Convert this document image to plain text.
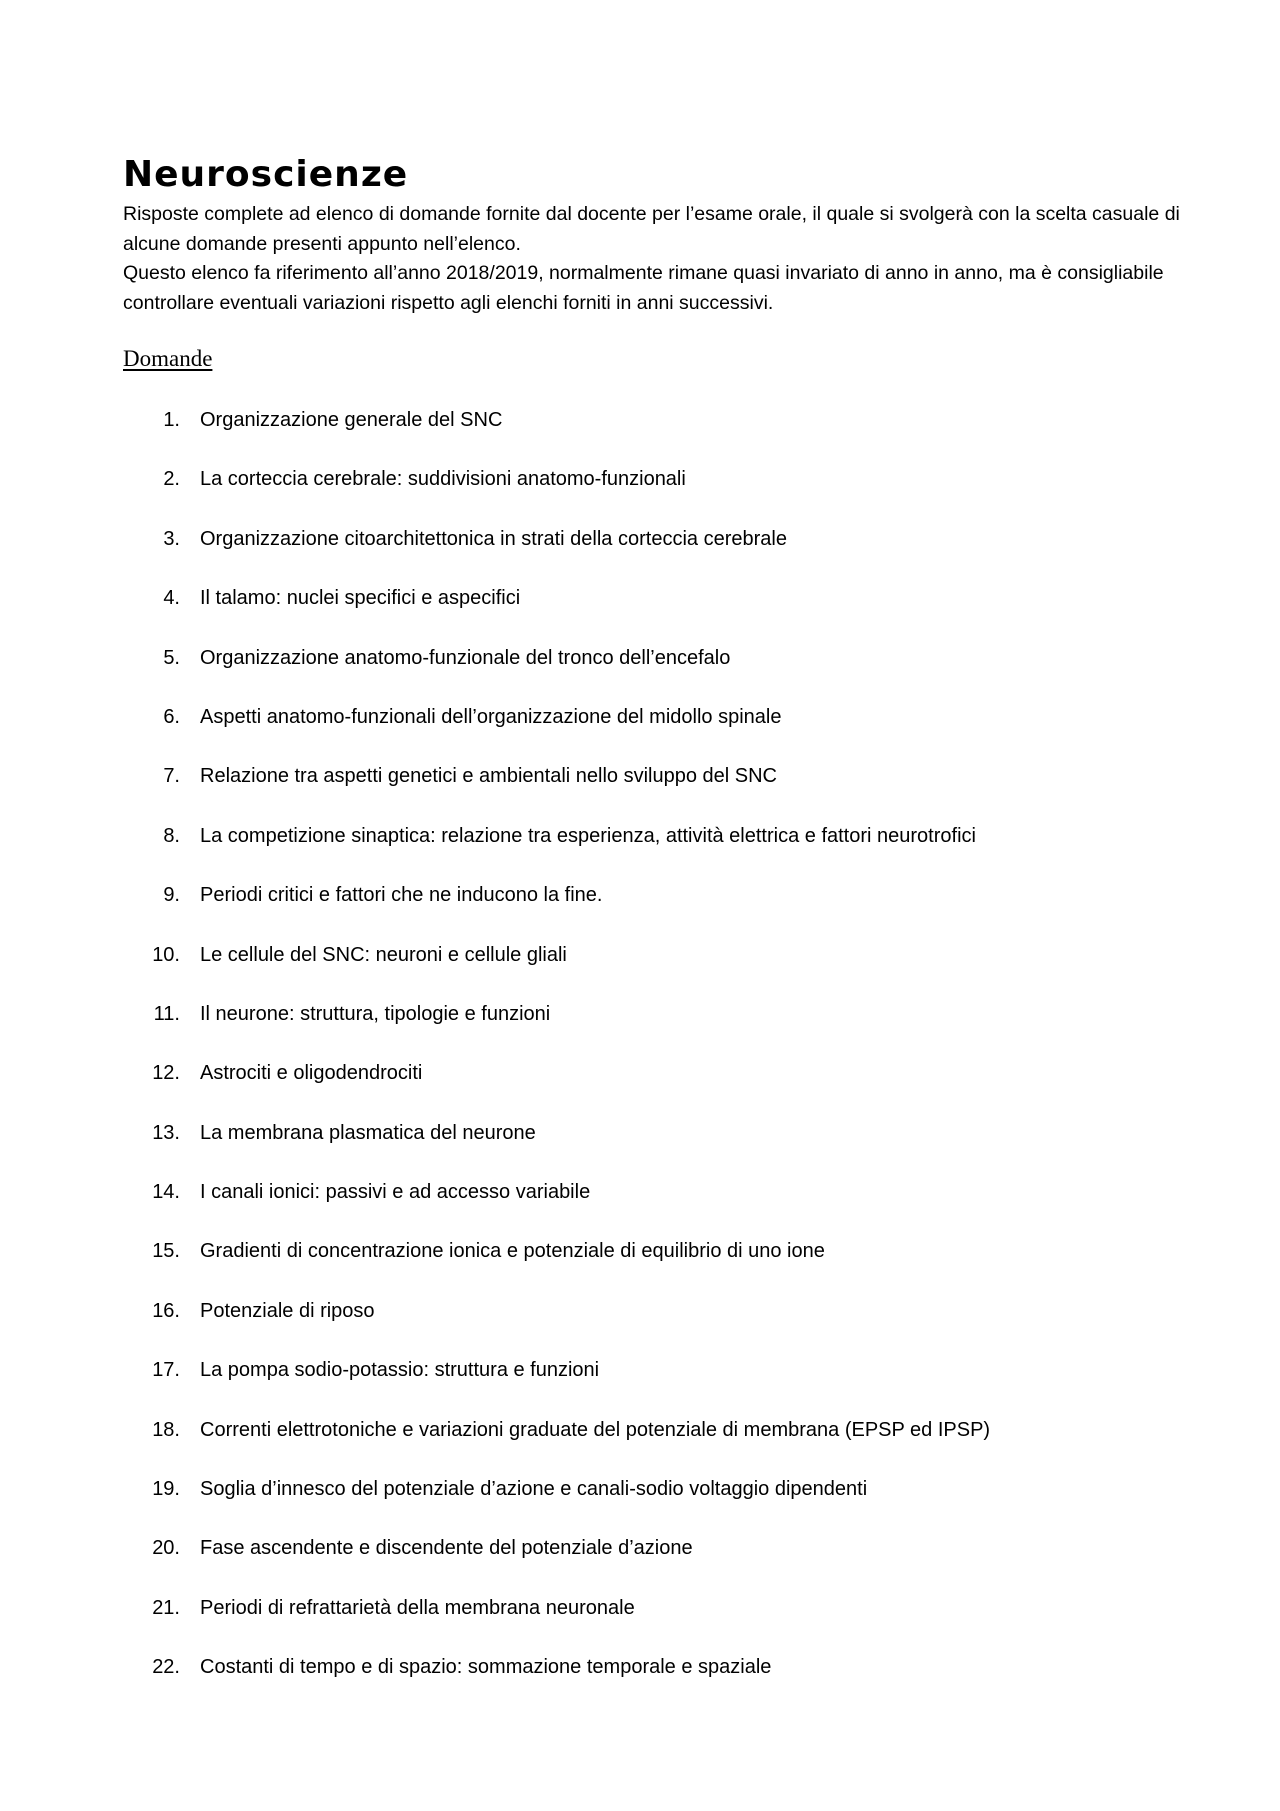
Neuroscienze

Risposte complete ad elenco di domande fornite dal docente per l’esame orale, il quale si svolgerà con la scelta casuale di alcune domande presenti appunto nell’elenco.

Questo elenco fa riferimento all’anno 2018/2019, normalmente rimane quasi invariato di anno in anno, ma è consigliabile controllare eventuali variazioni rispetto agli elenchi forniti in anni successivi.

Domande
1. Organizzazione generale del SNC
2. La corteccia cerebrale: suddivisioni anatomo-funzionali
3. Organizzazione citoarchitettonica in strati della corteccia cerebrale
4. Il talamo: nuclei specifici e aspecifici
5. Organizzazione anatomo-funzionale del tronco dell’encefalo
6. Aspetti anatomo-funzionali dell’organizzazione del midollo spinale
7. Relazione tra aspetti genetici e ambientali nello sviluppo del SNC
8. La competizione sinaptica: relazione tra esperienza, attività elettrica e fattori neurotrofici
9. Periodi critici e fattori che ne inducono la fine.
10. Le cellule del SNC: neuroni e cellule gliali
11. Il neurone: struttura, tipologie e funzioni
12. Astrociti e oligodendrociti
13. La membrana plasmatica del neurone
14. I canali ionici: passivi e ad accesso variabile
15. Gradienti di concentrazione ionica e potenziale di equilibrio di uno ione
16. Potenziale di riposo
17. La pompa sodio-potassio: struttura e funzioni
18. Correnti elettrotoniche e variazioni graduate del potenziale di membrana (EPSP ed IPSP)
19. Soglia d’innesco del potenziale d’azione e canali-sodio voltaggio dipendenti
20. Fase ascendente e discendente del potenziale d’azione
21. Periodi di refrattarietà della membrana neuronale
22. Costanti di tempo e di spazio: sommazione temporale e spaziale
